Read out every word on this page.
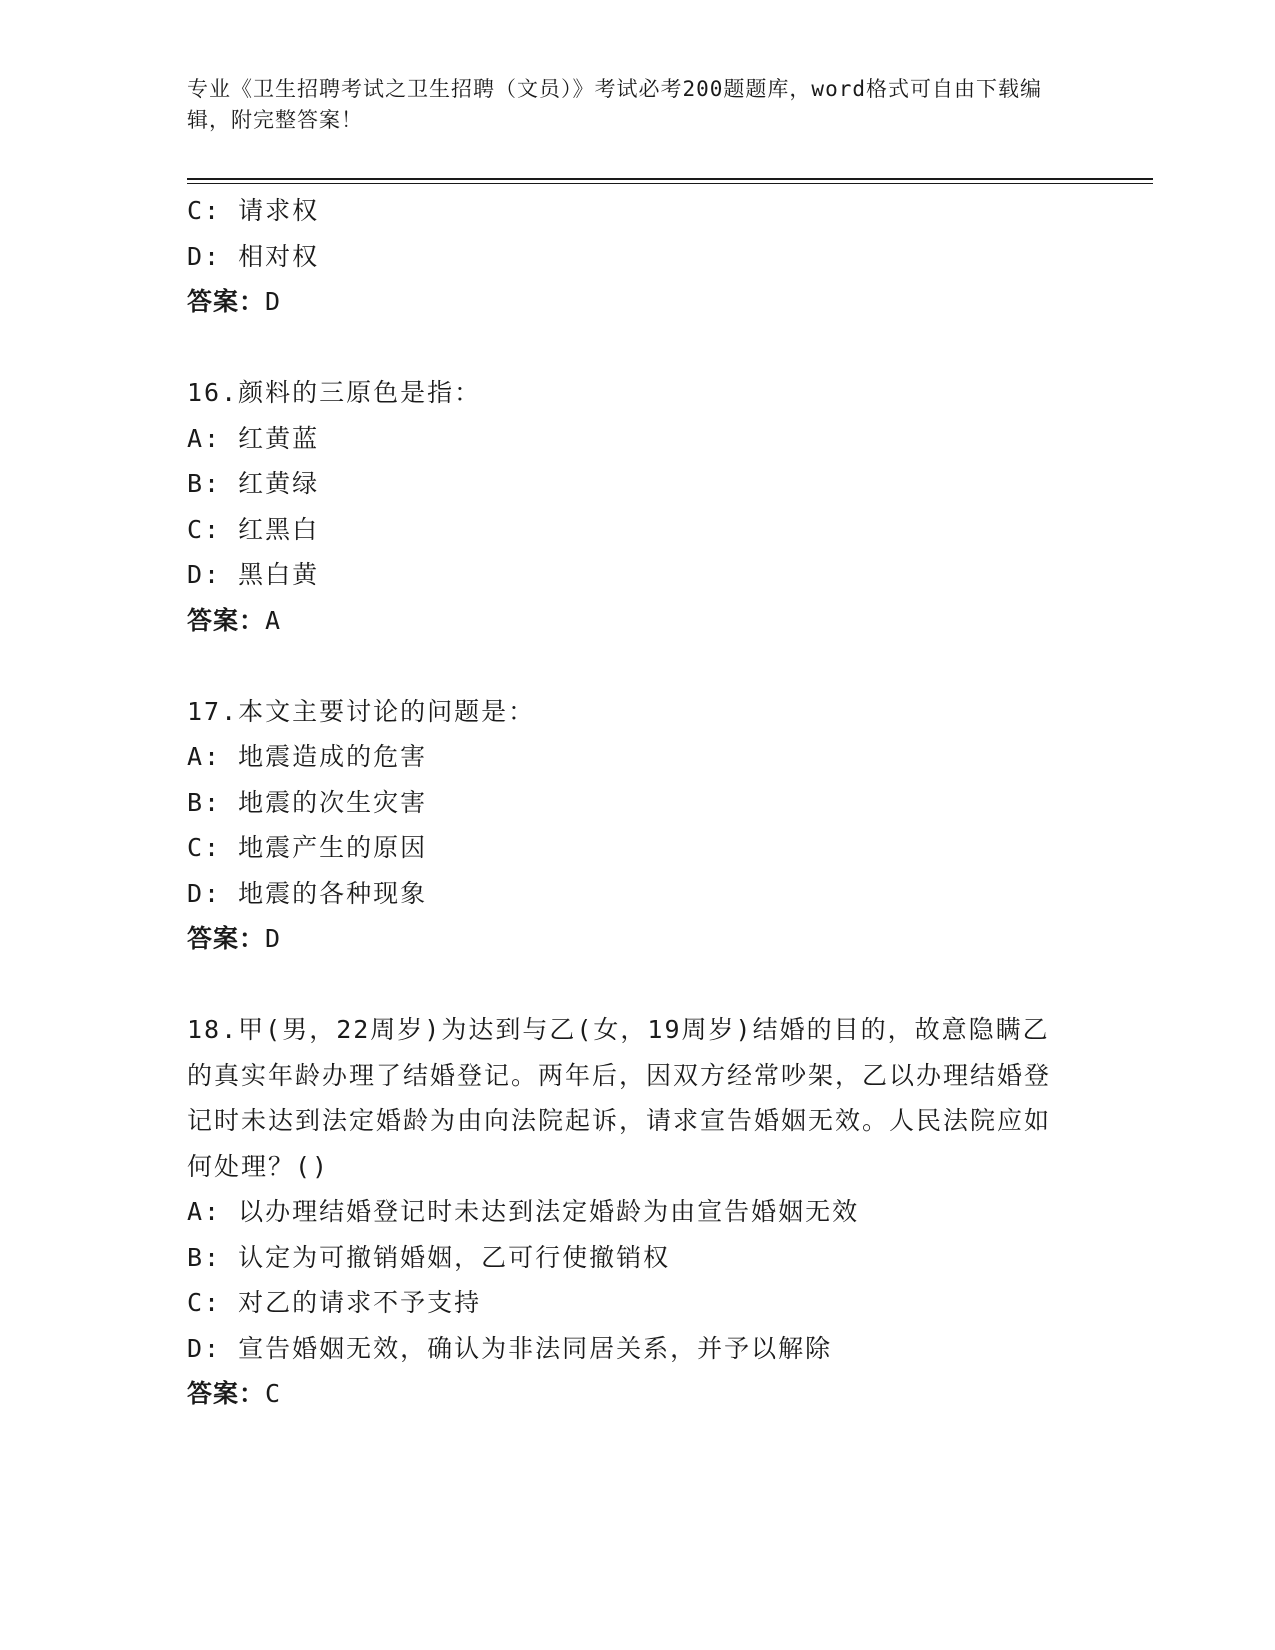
专业《卫生招聘考试之卫生招聘（文员）》考试必考200题题库，word格式可自由下载编辑，附完整答案！
C: 请求权
D: 相对权
答案：D
16.颜料的三原色是指：
A: 红黄蓝
B: 红黄绿
C: 红黑白
D: 黑白黄
答案：A
17.本文主要讨论的问题是：
A: 地震造成的危害
B: 地震的次生灾害
C: 地震产生的原因
D: 地震的各种现象
答案：D
18.甲(男，22周岁)为达到与乙(女，19周岁)结婚的目的，故意隐瞒乙的真实年龄办理了结婚登记。两年后，因双方经常吵架，乙以办理结婚登记时未达到法定婚龄为由向法院起诉，请求宣告婚姻无效。人民法院应如何处理？()
A: 以办理结婚登记时未达到法定婚龄为由宣告婚姻无效
B: 认定为可撤销婚姻，乙可行使撤销权
C: 对乙的请求不予支持
D: 宣告婚姻无效，确认为非法同居关系，并予以解除
答案：C
